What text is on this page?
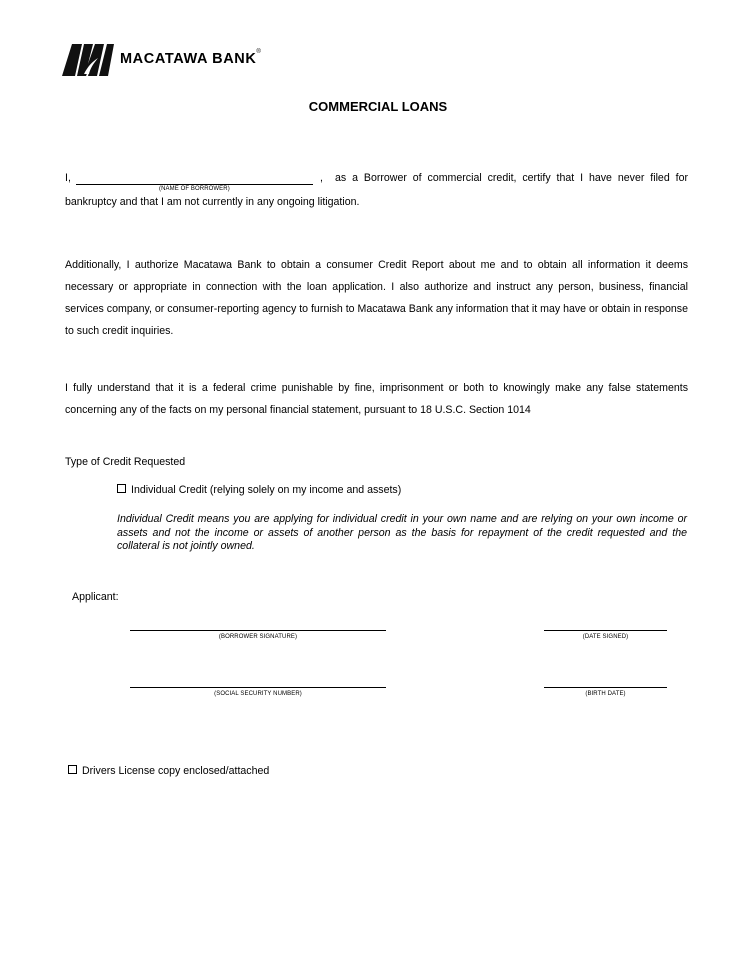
MACATAWA BANK®
COMMERCIAL LOANS
I,	, as a Borrower of commercial credit, certify that I have never filed for
(NAME OF BORROWER)
bankruptcy and that I am not currently in any ongoing litigation.
Additionally, I authorize Macatawa Bank to obtain a consumer Credit Report about me and to obtain all information it deems necessary or appropriate in connection with the loan application. I also authorize and instruct any person, business, financial services company, or consumer-reporting agency to furnish to Macatawa Bank any information that it may have or obtain in response to such credit inquiries.
I fully understand that it is a federal crime punishable by fine, imprisonment or both to knowingly make any false statements concerning any of the facts on my personal financial statement, pursuant to 18 U.S.C. Section 1014
Type of Credit Requested
Individual Credit (relying solely on my income and assets)
Individual Credit means you are applying for individual credit in your own name and are relying on your own income or assets and not the income or assets of another person as the basis for repayment of the credit requested and the collateral is not jointly owned.
Applicant:
(BORROWER SIGNATURE)	(DATE SIGNED)
(SOCIAL SECURITY NUMBER)	(BIRTH DATE)
Drivers License copy enclosed/attached
